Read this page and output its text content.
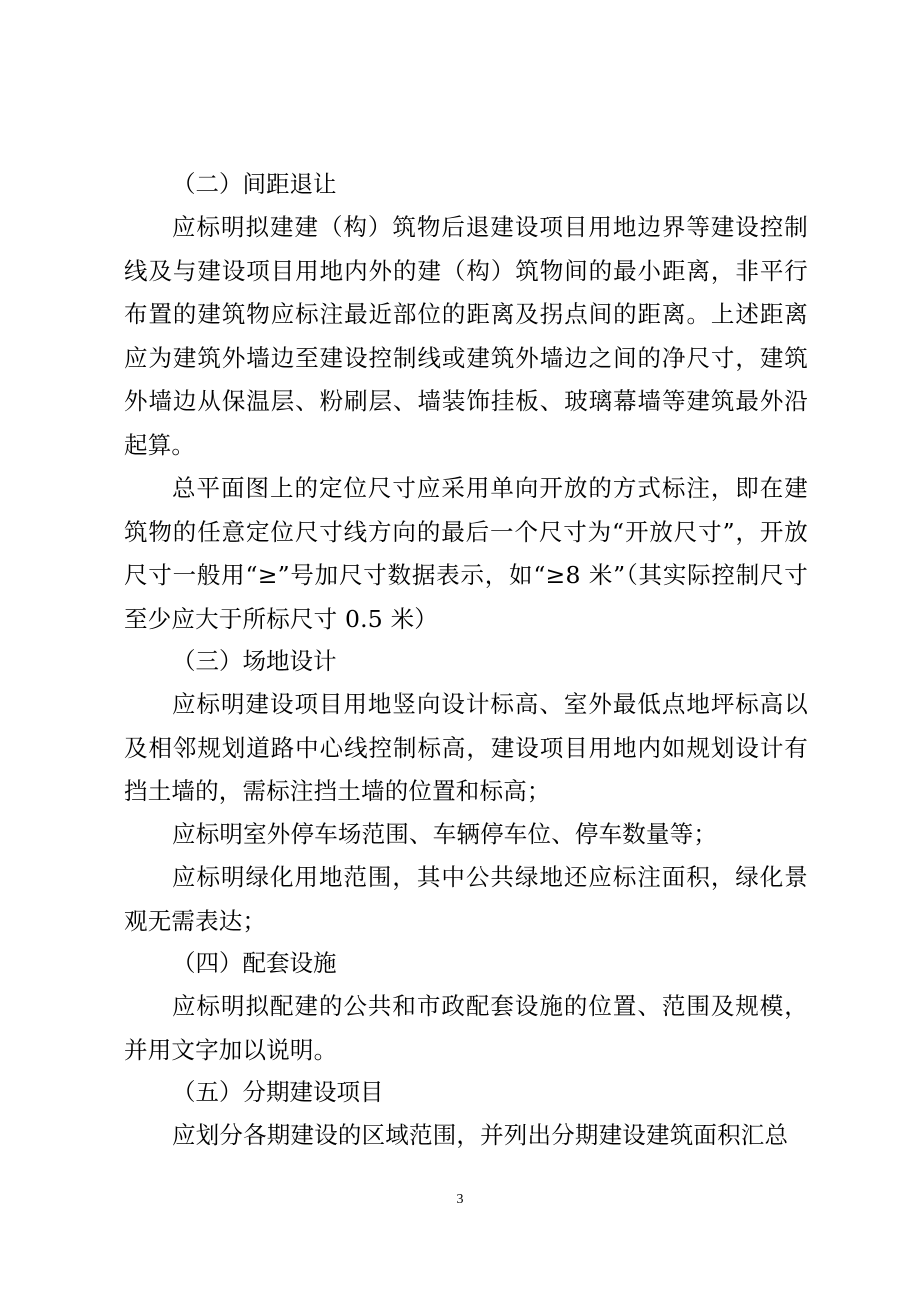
（二）间距退让

应标明拟建建（构）筑物后退建设项目用地边界等建设控制线及与建设项目用地内外的建（构）筑物间的最小距离，非平行布置的建筑物应标注最近部位的距离及拐点间的距离。上述距离应为建筑外墙边至建设控制线或建筑外墙边之间的净尺寸，建筑外墙边从保温层、粉刷层、墙装饰挂板、玻璃幕墙等建筑最外沿起算。

总平面图上的定位尺寸应采用单向开放的方式标注，即在建筑物的任意定位尺寸线方向的最后一个尺寸为“开放尺寸”，开放尺寸一般用“≥”号加尺寸数据表示，如“≥8 米”（其实际控制尺寸至少应大于所标尺寸 0.5 米）

（三）场地设计

应标明建设项目用地竖向设计标高、室外最低点地坪标高以及相邻规划道路中心线控制标高，建设项目用地内如规划设计有挡土墙的，需标注挡土墙的位置和标高；

应标明室外停车场范围、车辆停车位、停车数量等；

应标明绿化用地范围，其中公共绿地还应标注面积，绿化景观无需表达；

（四）配套设施

应标明拟配建的公共和市政配套设施的位置、范围及规模，并用文字加以说明。

（五）分期建设项目

应划分各期建设的区域范围，并列出分期建设建筑面积汇总

3
